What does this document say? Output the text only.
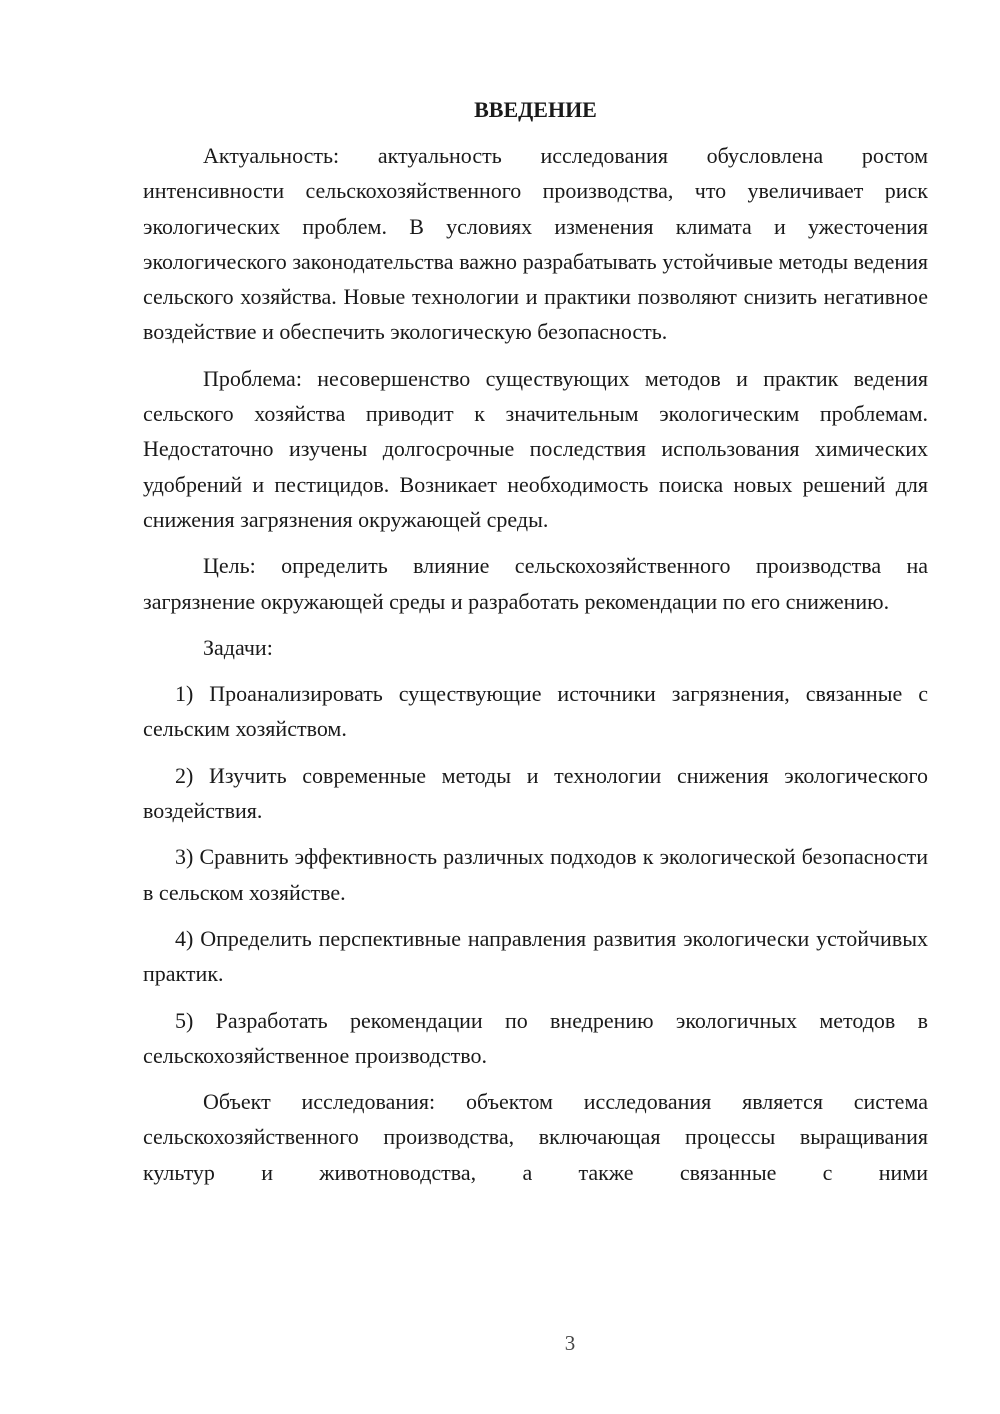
ВВЕДЕНИЕ

Актуальность: актуальность исследования обусловлена ростом интенсивности сельскохозяйственного производства, что увеличивает риск экологических проблем. В условиях изменения климата и ужесточения экологического законодательства важно разрабатывать устойчивые методы ведения сельского хозяйства. Новые технологии и практики позволяют снизить негативное воздействие и обеспечить экологическую безопасность.

Проблема: несовершенство существующих методов и практик ведения сельского хозяйства приводит к значительным экологическим проблемам. Недостаточно изучены долгосрочные последствия использования химических удобрений и пестицидов. Возникает необходимость поиска новых решений для снижения загрязнения окружающей среды.

Цель: определить влияние сельскохозяйственного производства на загрязнение окружающей среды и разработать рекомендации по его снижению.

Задачи:

1) Проанализировать существующие источники загрязнения, связанные с сельским хозяйством.

2) Изучить современные методы и технологии снижения экологического воздействия.

3) Сравнить эффективность различных подходов к экологической безопасности в сельском хозяйстве.

4) Определить перспективные направления развития экологически устойчивых практик.

5) Разработать рекомендации по внедрению экологичных методов в сельскохозяйственное производство.

Объект исследования: объектом исследования является система сельскохозяйственного производства, включающая процессы выращивания культур и животноводства, а также связанные с ними

3
